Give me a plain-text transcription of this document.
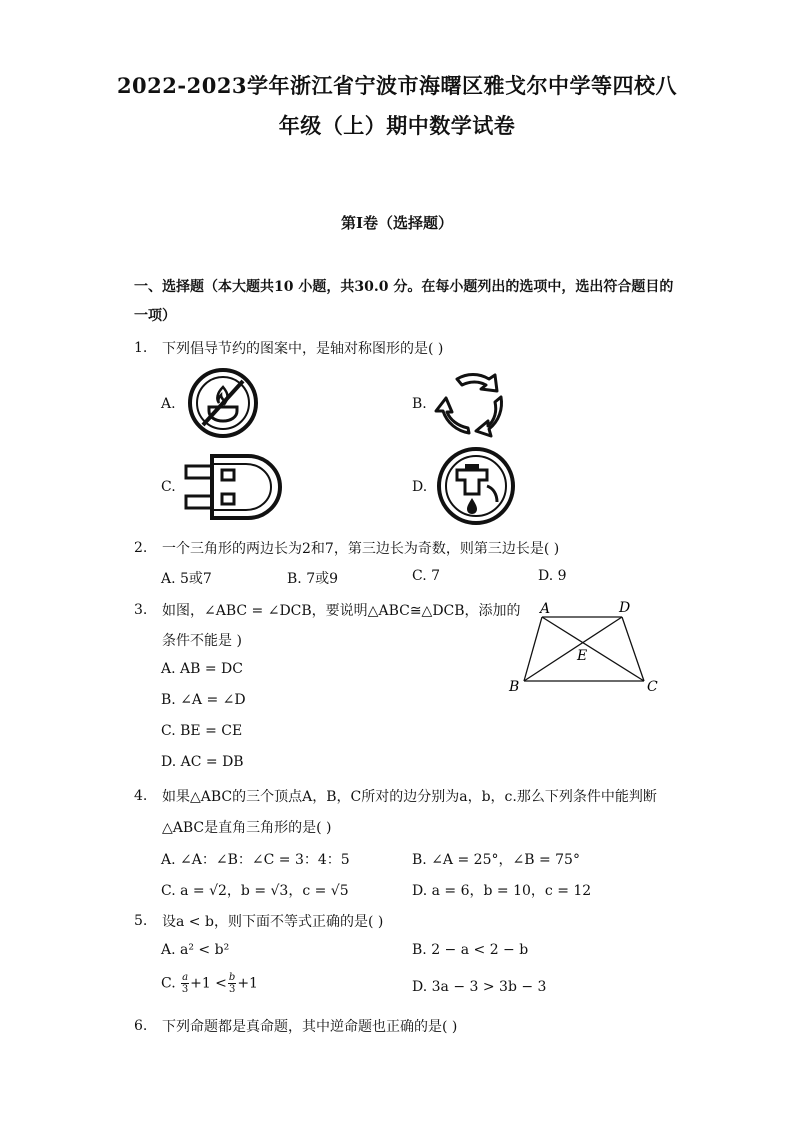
2022-2023学年浙江省宁波市海曙区雅戈尔中学等四校八
年级（上）期中数学试卷
第I卷（选择题）
一、选择题（本大题共10 小题，共30.0 分。在每小题列出的选项中，选出符合题目的
一项）
1. 下列倡导节约的图案中，是轴对称图形的是( )
A.	B.
C.	D.
2. 一个三角形的两边长为2和7，第三边长为奇数，则第三边长是( )
A. 5或7	B. 7或9	C. 7	D. 9
3. 如图，∠ABC = ∠DCB，要说明△ABC≅△DCB，添加的
条件不能是 )
A. AB = DC
B. ∠A = ∠D
C. BE = CE
D. AC = DB
A	D
E
B	C
4. 如果△ABC的三个顶点A，B，C所对的边分别为a，b，c.那么下列条件中能判断
△ABC是直角三角形的是( )
A. ∠A：∠B：∠C = 3：4：5	B. ∠A = 25°，∠B = 75°
C. a = √2，b = √3，c = √5	D. a = 6，b = 10，c = 12
5. 设a < b，则下面不等式正确的是( )
A. a² < b²	B. 2 − a < 2 − b
C. $\frac{a}{3} +1 < \frac{b}{3} +1$	D. 3a − 3 > 3b − 3
6. 下列命题都是真命题，其中逆命题也正确的是( )
